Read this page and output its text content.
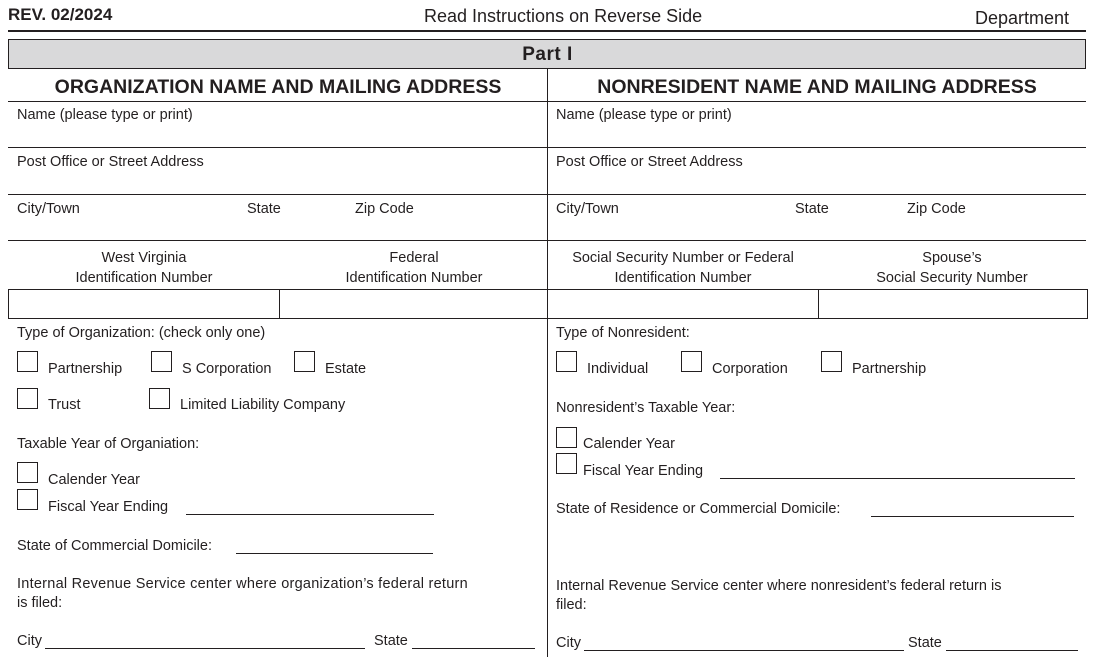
REV. 02/2024	Read Instructions on Reverse Side	Department
Part I
ORGANIZATION NAME AND MAILING ADDRESS	NONRESIDENT NAME AND MAILING ADDRESS
Name (please type or print)
Post Office or Street Address
City/Town	State	Zip Code
West Virginia
Identification Number
Federal
Identification Number
Name (please type or print)
Post Office or Street Address
City/Town	State	Zip Code
Social Security Number or Federal
Identification Number
Spouse’s
Social Security Number
Type of Organization: (check only one)
Partnership	S Corporation	Estate
Trust	Limited Liability Company
Taxable Year of Organiation:
Calender Year
Fiscal Year Ending
State of Commercial Domicile:
Internal Revenue Service center where organization’s federal return
is filed:
City	State
Type of Nonresident:
Individual	Corporation	Partnership
Nonresident’s Taxable Year:
Calender Year
Fiscal Year Ending
State of Residence or Commercial Domicile:
Internal Revenue Service center where nonresident’s federal return is
filed:
City	State
